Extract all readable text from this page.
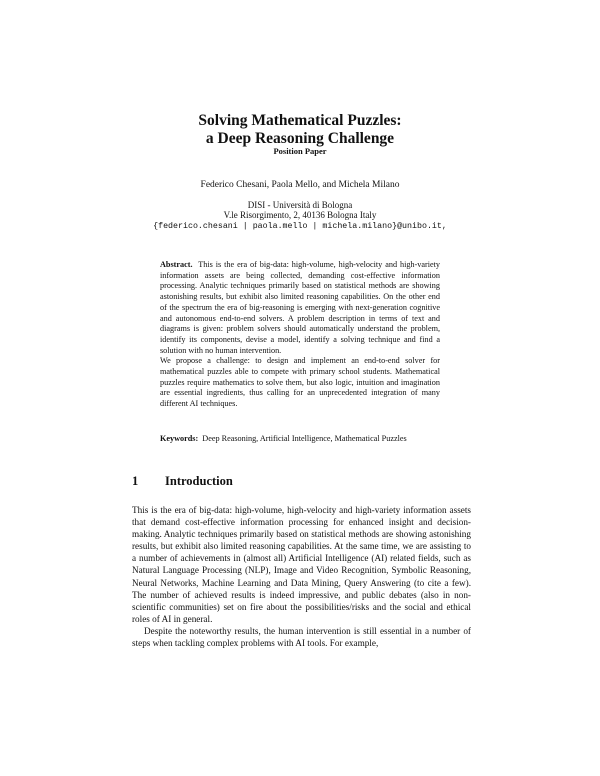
Solving Mathematical Puzzles:
a Deep Reasoning Challenge
Position Paper
Federico Chesani, Paola Mello, and Michela Milano
DISI - Università di Bologna
V.le Risorgimento, 2, 40136 Bologna Italy
{federico.chesani | paola.mello | michela.milano}@unibo.it,

Abstract. This is the era of big-data: high-volume, high-velocity and high-variety information assets are being collected, demanding cost-effective information processing. Analytic techniques primarily based on statistical methods are showing astonishing results, but exhibit also limited reasoning capabilities. On the other end of the spectrum the era of big-reasoning is emerging with next-generation cognitive and autonomous end-to-end solvers. A problem description in terms of text and diagrams is given: problem solvers should automatically understand the problem, identify its components, devise a model, identify a solving technique and find a solution with no human intervention.

We propose a challenge: to design and implement an end-to-end solver for mathematical puzzles able to compete with primary school students. Mathematical puzzles require mathematics to solve them, but also logic, intuition and imagination are essential ingredients, thus calling for an unprecedented integration of many different AI techniques.

Keywords: Deep Reasoning, Artificial Intelligence, Mathematical Puzzles
1 Introduction

This is the era of big-data: high-volume, high-velocity and high-variety information assets that demand cost-effective information processing for enhanced insight and decision-making. Analytic techniques primarily based on statistical methods are showing astonishing results, but exhibit also limited reasoning capabilities. At the same time, we are assisting to a number of achievements in (almost all) Artificial Intelligence (AI) related fields, such as Natural Language Processing (NLP), Image and Video Recognition, Symbolic Reasoning, Neural Networks, Machine Learning and Data Mining, Query Answering (to cite a few). The number of achieved results is indeed impressive, and public debates (also in non-scientific communities) set on fire about the possibilities/risks and the social and ethical roles of AI in general.

Despite the noteworthy results, the human intervention is still essential in a number of steps when tackling complex problems with AI tools. For example,
